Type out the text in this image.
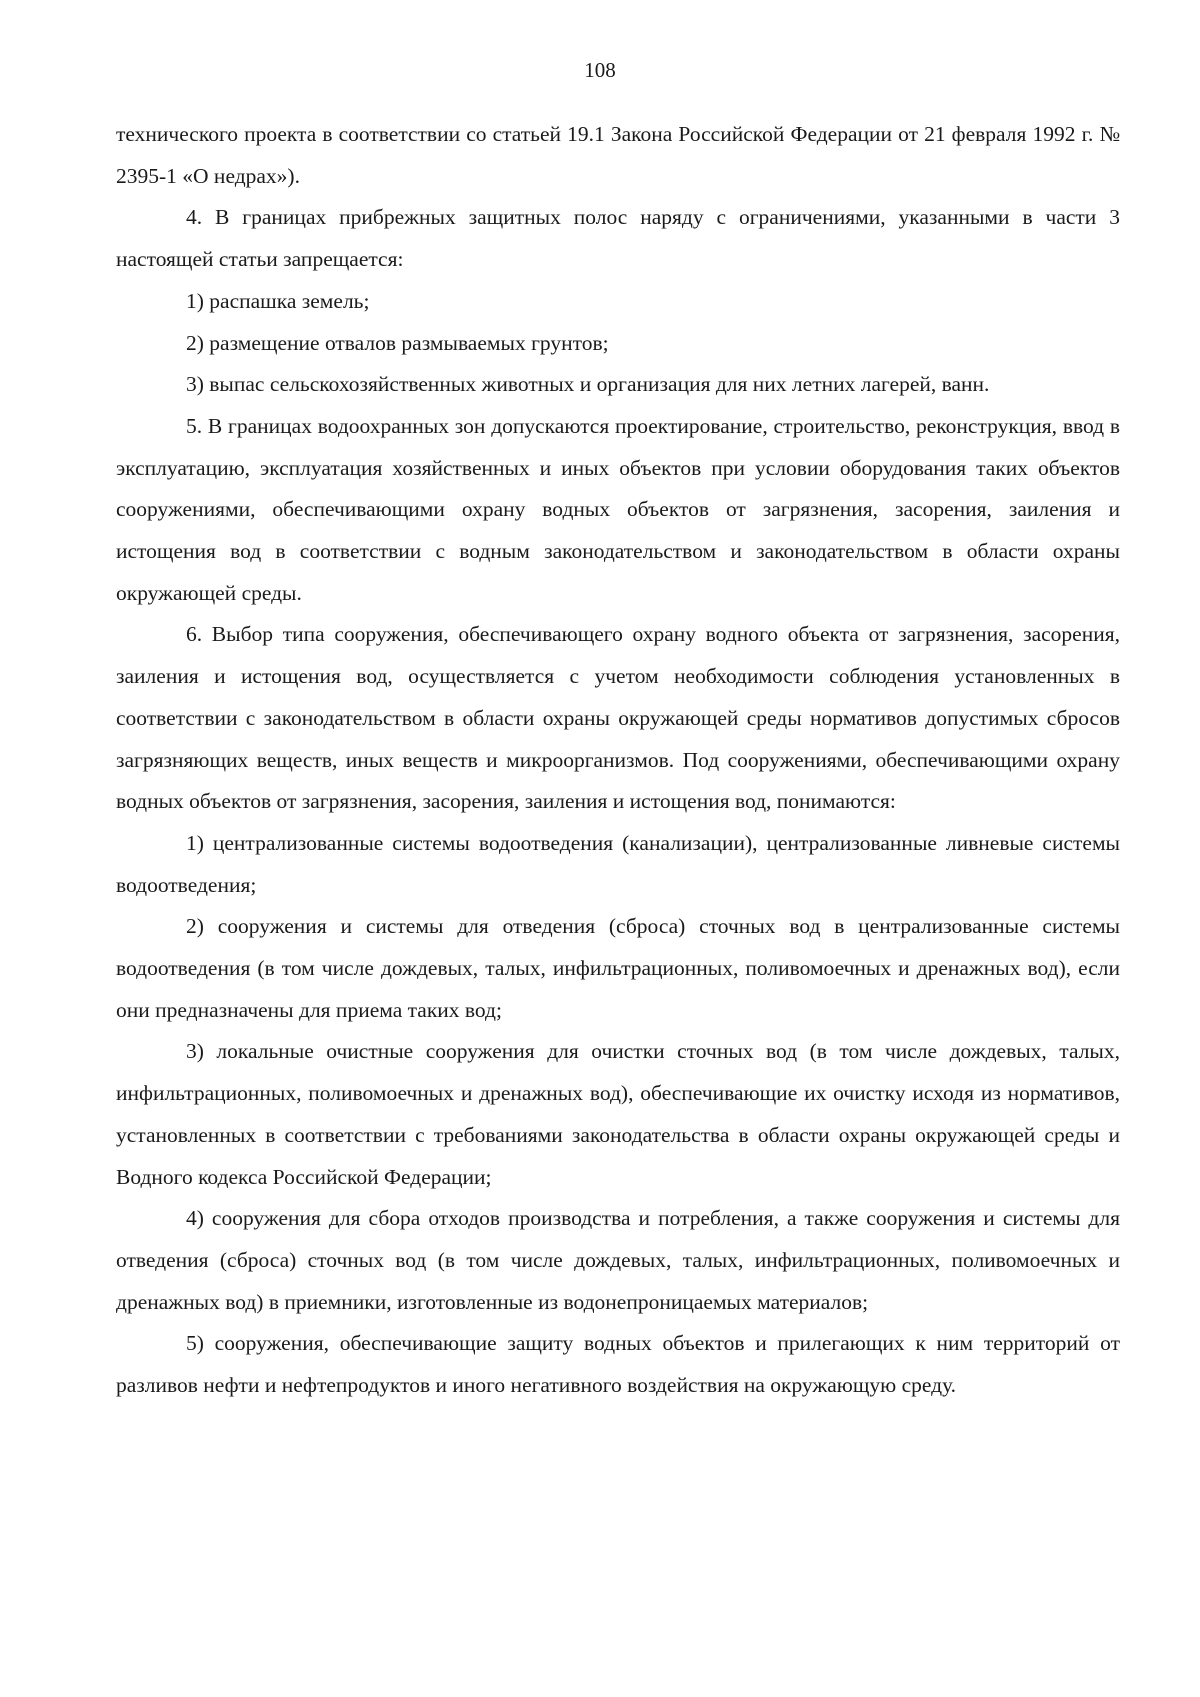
108

технического проекта в соответствии со статьей 19.1 Закона Российской Федерации от 21 февраля 1992 г. № 2395-1 «О недрах»).

4. В границах прибрежных защитных полос наряду с ограничениями, указанными в части 3 настоящей статьи запрещается:

1) распашка земель;

2) размещение отвалов размываемых грунтов;

3) выпас сельскохозяйственных животных и организация для них летних лагерей, ванн.

5. В границах водоохранных зон допускаются проектирование, строительство, реконструкция, ввод в эксплуатацию, эксплуатация хозяйственных и иных объектов при условии оборудования таких объектов сооружениями, обеспечивающими охрану водных объектов от загрязнения, засорения, заиления и истощения вод в соответствии с водным законодательством и законодательством в области охраны окружающей среды.

6. Выбор типа сооружения, обеспечивающего охрану водного объекта от загрязнения, засорения, заиления и истощения вод, осуществляется с учетом необходимости соблюдения установленных в соответствии с законодательством в области охраны окружающей среды нормативов допустимых сбросов загрязняющих веществ, иных веществ и микроорганизмов. Под сооружениями, обеспечивающими охрану водных объектов от загрязнения, засорения, заиления и истощения вод, понимаются:

1) централизованные системы водоотведения (канализации), централизованные ливневые системы водоотведения;

2) сооружения и системы для отведения (сброса) сточных вод в централизованные системы водоотведения (в том числе дождевых, талых, инфильтрационных, поливомоечных и дренажных вод), если они предназначены для приема таких вод;

3) локальные очистные сооружения для очистки сточных вод (в том числе дождевых, талых, инфильтрационных, поливомоечных и дренажных вод), обеспечивающие их очистку исходя из нормативов, установленных в соответствии с требованиями законодательства в области охраны окружающей среды и Водного кодекса Российской Федерации;

4) сооружения для сбора отходов производства и потребления, а также сооружения и системы для отведения (сброса) сточных вод (в том числе дождевых, талых, инфильтрационных, поливомоечных и дренажных вод) в приемники, изготовленные из водонепроницаемых материалов;

5) сооружения, обеспечивающие защиту водных объектов и прилегающих к ним территорий от разливов нефти и нефтепродуктов и иного негативного воздействия на окружающую среду.
